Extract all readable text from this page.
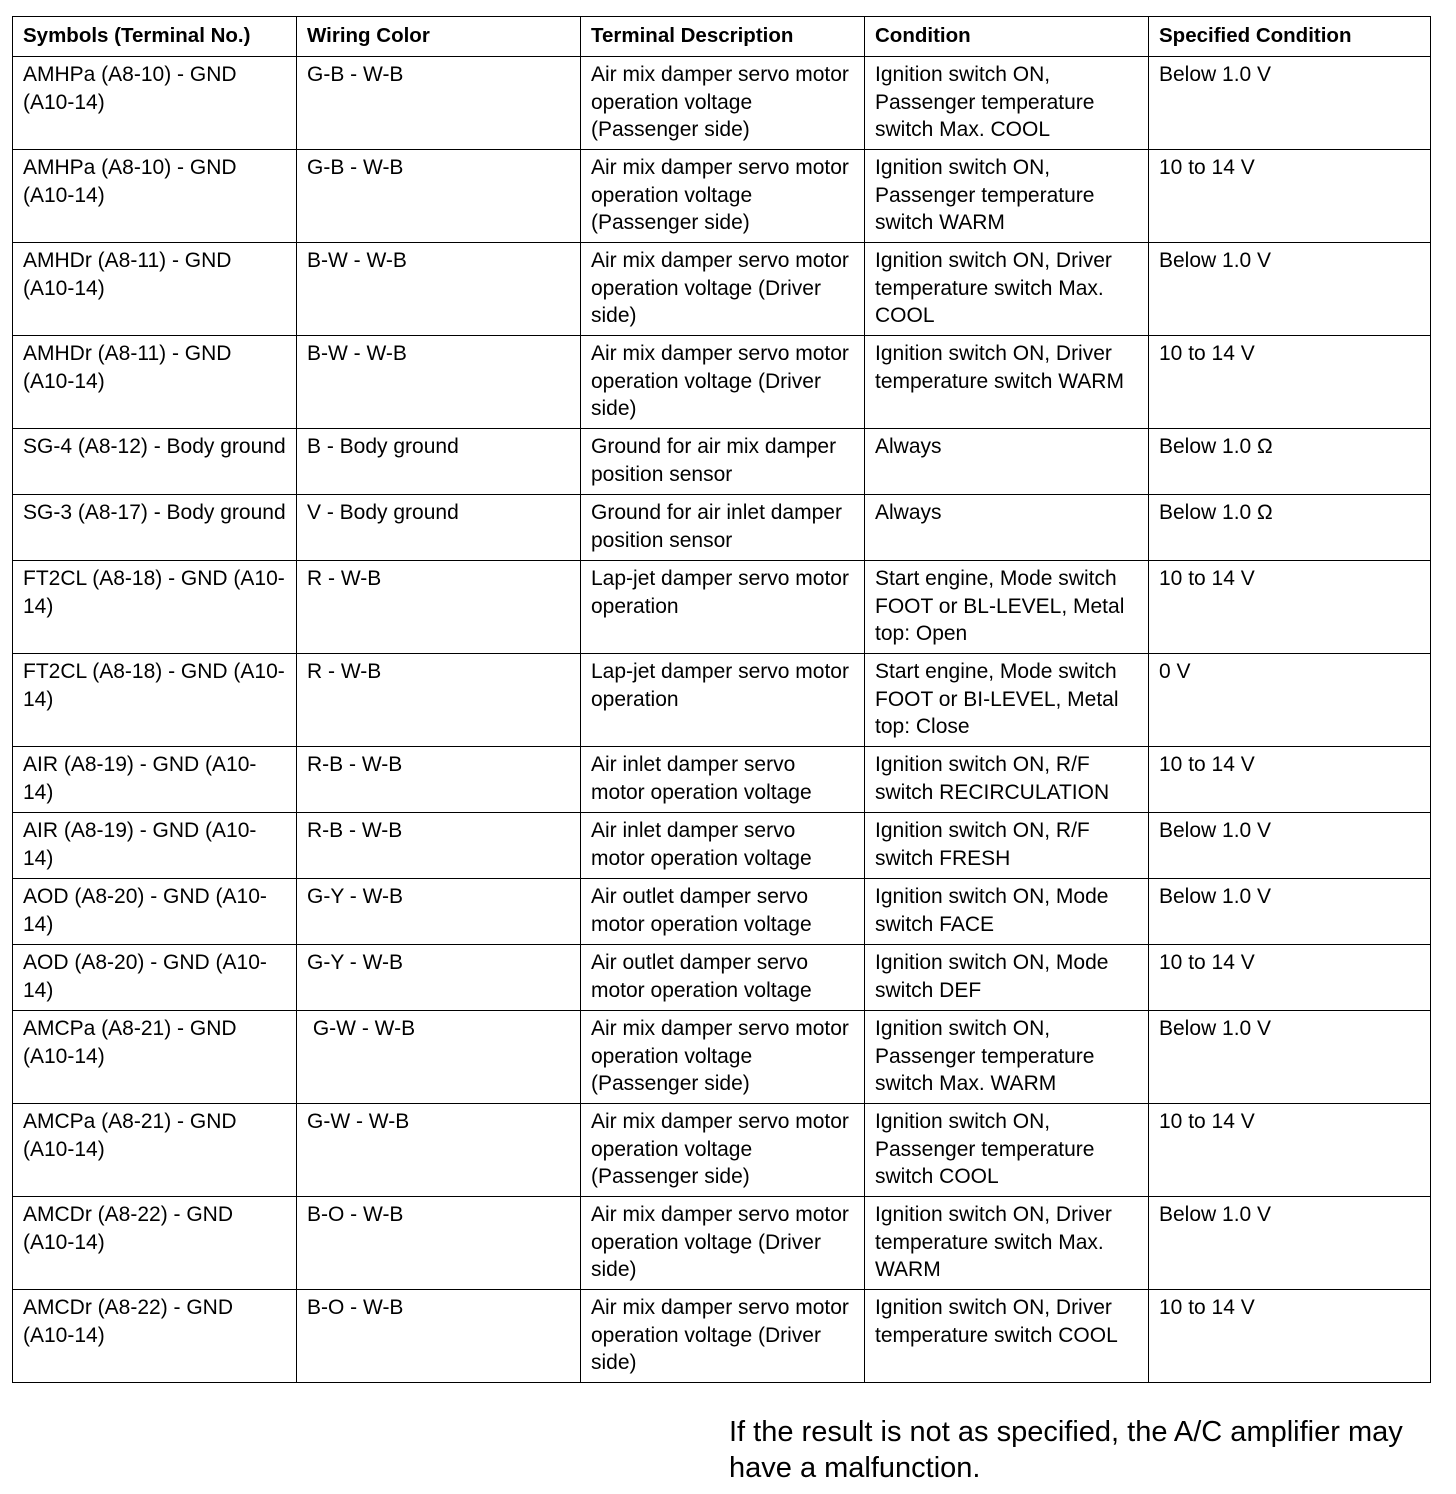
Symbols (Terminal No.)	Wiring Color	Terminal Description	Condition	Specified Condition
AMHPa (A8-10) - GND (A10-14)	G-B - W-B	Air mix damper servo motor operation voltage (Passenger side)	Ignition switch ON, Passenger temperature switch Max. COOL	Below 1.0 V
AMHPa (A8-10) - GND (A10-14)	G-B - W-B	Air mix damper servo motor operation voltage (Passenger side)	Ignition switch ON, Passenger temperature switch WARM	10 to 14 V
AMHDr (A8-11) - GND (A10-14)	B-W - W-B	Air mix damper servo motor operation voltage (Driver side)	Ignition switch ON, Driver temperature switch Max. COOL	Below 1.0 V
AMHDr (A8-11) - GND (A10-14)	B-W - W-B	Air mix damper servo motor operation voltage (Driver side)	Ignition switch ON, Driver temperature switch WARM	10 to 14 V
SG-4 (A8-12) - Body ground	B - Body ground	Ground for air mix damper position sensor	Always	Below 1.0 Ω
SG-3 (A8-17) - Body ground	V - Body ground	Ground for air inlet damper position sensor	Always	Below 1.0 Ω
FT2CL (A8-18) - GND (A10-14)	R - W-B	Lap-jet damper servo motor operation	Start engine, Mode switch FOOT or BL-LEVEL, Metal top: Open	10 to 14 V
FT2CL (A8-18) - GND (A10-14)	R - W-B	Lap-jet damper servo motor operation	Start engine, Mode switch FOOT or BI-LEVEL, Metal top: Close	0 V
AIR (A8-19) - GND (A10-14)	R-B - W-B	Air inlet damper servo motor operation voltage	Ignition switch ON, R/F switch RECIRCULATION	10 to 14 V
AIR (A8-19) - GND (A10-14)	R-B - W-B	Air inlet damper servo motor operation voltage	Ignition switch ON, R/F switch FRESH	Below 1.0 V
AOD (A8-20) - GND (A10-14)	G-Y - W-B	Air outlet damper servo motor operation voltage	Ignition switch ON, Mode switch FACE	Below 1.0 V
AOD (A8-20) - GND (A10-14)	G-Y - W-B	Air outlet damper servo motor operation voltage	Ignition switch ON, Mode switch DEF	10 to 14 V
AMCPa (A8-21) - GND (A10-14)	G-W - W-B	Air mix damper servo motor operation voltage (Passenger side)	Ignition switch ON, Passenger temperature switch Max. WARM	Below 1.0 V
AMCPa (A8-21) - GND (A10-14)	G-W - W-B	Air mix damper servo motor operation voltage (Passenger side)	Ignition switch ON, Passenger temperature switch COOL	10 to 14 V
AMCDr (A8-22) - GND (A10-14)	B-O - W-B	Air mix damper servo motor operation voltage (Driver side)	Ignition switch ON, Driver temperature switch Max. WARM	Below 1.0 V
AMCDr (A8-22) - GND (A10-14)	B-O - W-B	Air mix damper servo motor operation voltage (Driver side)	Ignition switch ON, Driver temperature switch COOL	10 to 14 V
If the result is not as specified, the A/C amplifier may have a malfunction.
